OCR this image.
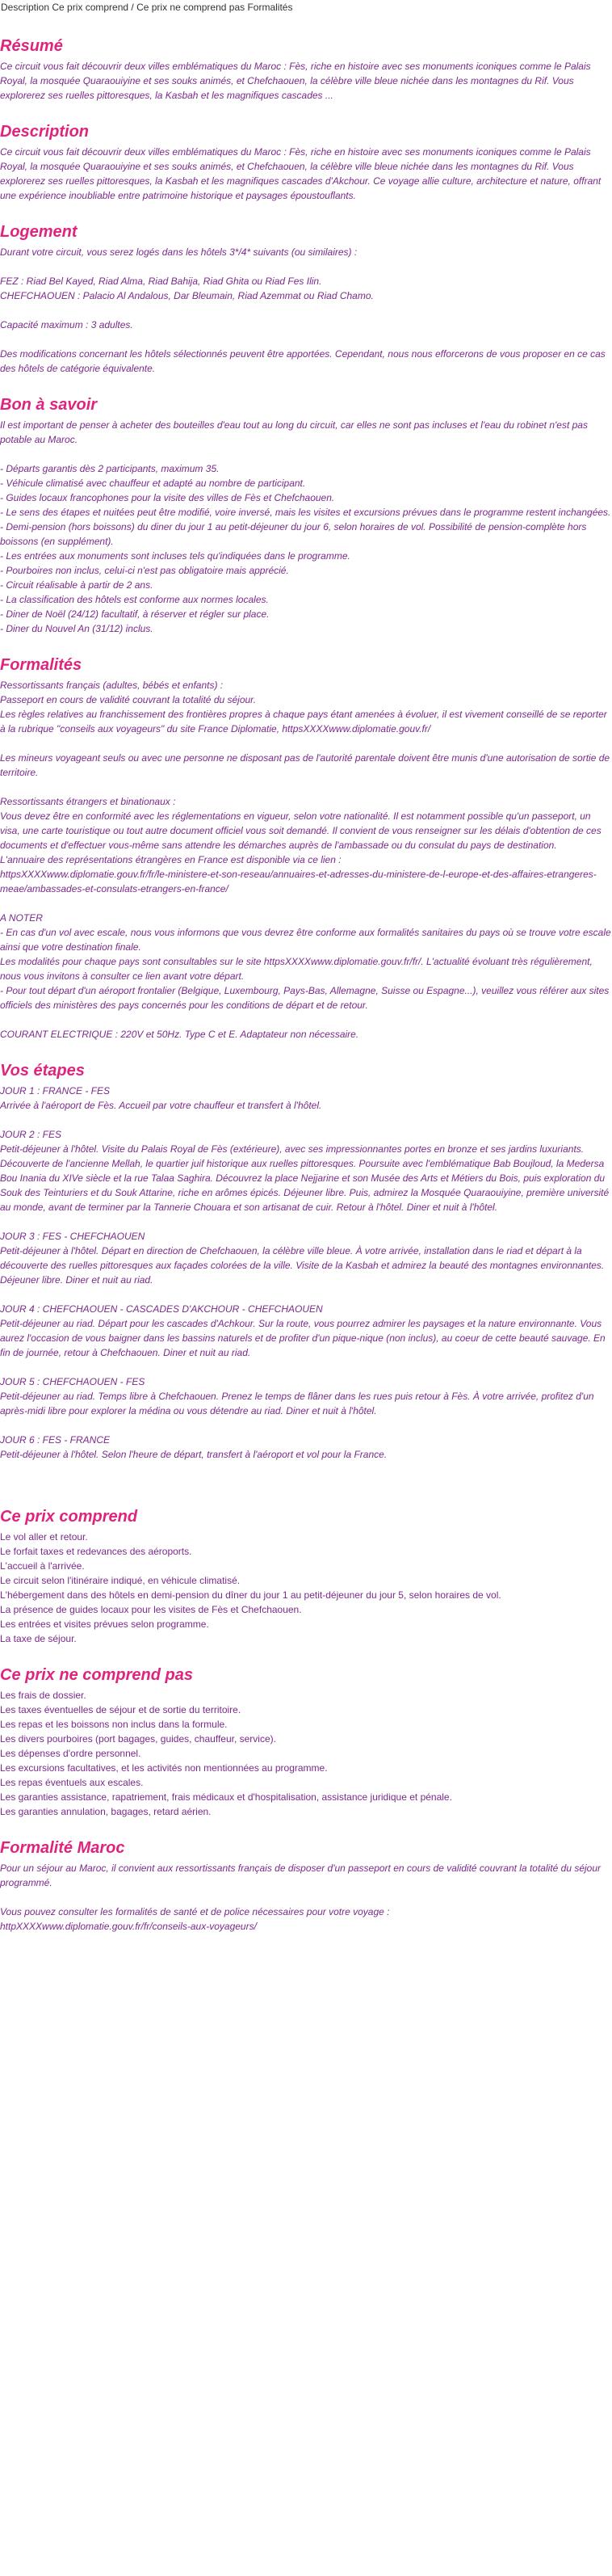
Description Ce prix comprend / Ce prix ne comprend pas Formalités
Résumé

Ce circuit vous fait découvrir deux villes emblématiques du Maroc : Fès, riche en histoire avec ses monuments iconiques comme le Palais Royal, la mosquée Quaraouiyine et ses souks animés, et Chefchaouen, la célèbre ville bleue nichée dans les montagnes du Rif. Vous explorerez ses ruelles pittoresques, la Kasbah et les magnifiques cascades ...

Description

Ce circuit vous fait découvrir deux villes emblématiques du Maroc : Fès, riche en histoire avec ses monuments iconiques comme le Palais Royal, la mosquée Quaraouiyine et ses souks animés, et Chefchaouen, la célèbre ville bleue nichée dans les montagnes du Rif. Vous explorerez ses ruelles pittoresques, la Kasbah et les magnifiques cascades d'Akchour. Ce voyage allie culture, architecture et nature, offrant une expérience inoubliable entre patrimoine historique et paysages époustouflants.

Logement

Durant votre circuit, vous serez logés dans les hôtels 3*/4* suivants (ou similaires) :

FEZ : Riad Bel Kayed, Riad Alma, Riad Bahija, Riad Ghita ou Riad Fes Ilin.
CHEFCHAOUEN : Palacio Al Andalous, Dar Bleumain, Riad Azemmat ou Riad Chamo.

Capacité maximum : 3 adultes.

Des modifications concernant les hôtels sélectionnés peuvent être apportées. Cependant, nous nous efforcerons de vous proposer en ce cas des hôtels de catégorie équivalente.

Bon à savoir

Il est important de penser à acheter des bouteilles d'eau tout au long du circuit, car elles ne sont pas incluses et l'eau du robinet n'est pas potable au Maroc.

- Départs garantis dès 2 participants, maximum 35.
- Véhicule climatisé avec chauffeur et adapté au nombre de participant.
- Guides locaux francophones pour la visite des villes de Fès et Chefchaouen.
- Le sens des étapes et nuitées peut être modifié, voire inversé, mais les visites et excursions prévues dans le programme restent inchangées.
- Demi-pension (hors boissons) du diner du jour 1 au petit-déjeuner du jour 6, selon horaires de vol. Possibilité de pension-complète hors boissons (en supplément).
- Les entrées aux monuments sont incluses tels qu'indiquées dans le programme.
- Pourboires non inclus, celui-ci n'est pas obligatoire mais apprécié.
- Circuit réalisable à partir de 2 ans.
- La classification des hôtels est conforme aux normes locales.
- Diner de Noël (24/12) facultatif, à réserver et régler sur place.
- Diner du Nouvel An (31/12) inclus.

Formalités

Ressortissants français (adultes, bébés et enfants) :
Passeport en cours de validité couvrant la totalité du séjour.
Les règles relatives au franchissement des frontières propres à chaque pays étant amenées à évoluer, il est vivement conseillé de se reporter à la rubrique "conseils aux voyageurs" du site France Diplomatie, httpsXXXXwww.diplomatie.gouv.fr/

Les mineurs voyageant seuls ou avec une personne ne disposant pas de l'autorité parentale doivent être munis d'une autorisation de sortie de territoire.

Ressortissants étrangers et binationaux :
Vous devez être en conformité avec les réglementations en vigueur, selon votre nationalité. Il est notamment possible qu'un passeport, un visa, une carte touristique ou tout autre document officiel vous soit demandé. Il convient de vous renseigner sur les délais d'obtention de ces documents et d'effectuer vous-même sans attendre les démarches auprès de l'ambassade ou du consulat du pays de destination.
L'annuaire des représentations étrangères en France est disponible via ce lien :
httpsXXXXwww.diplomatie.gouv.fr/fr/le-ministere-et-son-reseau/annuaires-et-adresses-du-ministere-de-l-europe-et-des-affaires-etrangeres-meae/ambassades-et-consulats-etrangers-en-france/

A NOTER
- En cas d'un vol avec escale, nous vous informons que vous devrez être conforme aux formalités sanitaires du pays où se trouve votre escale ainsi que votre destination finale.
Les modalités pour chaque pays sont consultables sur le site httpsXXXXwww.diplomatie.gouv.fr/fr/. L'actualité évoluant très régulièrement, nous vous invitons à consulter ce lien avant votre départ.
- Pour tout départ d'un aéroport frontalier (Belgique, Luxembourg, Pays-Bas, Allemagne, Suisse ou Espagne...), veuillez vous référer aux sites officiels des ministères des pays concernés pour les conditions de départ et de retour.

COURANT ELECTRIQUE : 220V et 50Hz. Type C et E. Adaptateur non nécessaire.

Vos étapes

JOUR 1 : FRANCE - FES
Arrivée à l'aéroport de Fès. Accueil par votre chauffeur et transfert à l'hôtel.

JOUR 2 : FES
Petit-déjeuner à l'hôtel. Visite du Palais Royal de Fès (extérieure), avec ses impressionnantes portes en bronze et ses jardins luxuriants. Découverte de l'ancienne Mellah, le quartier juif historique aux ruelles pittoresques. Poursuite avec l'emblématique Bab Boujloud, la Medersa Bou Inania du XIVe siècle et la rue Talaa Saghira. Découvrez la place Nejjarine et son Musée des Arts et Métiers du Bois, puis exploration du Souk des Teinturiers et du Souk Attarine, riche en arômes épicés. Déjeuner libre. Puis, admirez la Mosquée Quaraouiyine, première université au monde, avant de terminer par la Tannerie Chouara et son artisanat de cuir. Retour à l'hôtel. Diner et nuit à l'hôtel.

JOUR 3 : FES - CHEFCHAOUEN
Petit-déjeuner à l'hôtel. Départ en direction de Chefchaouen, la célèbre ville bleue. À votre arrivée, installation dans le riad et départ à la découverte des ruelles pittoresques aux façades colorées de la ville. Visite de la Kasbah et admirez la beauté des montagnes environnantes. Déjeuner libre. Diner et nuit au riad.

JOUR 4 : CHEFCHAOUEN - CASCADES D'AKCHOUR - CHEFCHAOUEN
Petit-déjeuner au riad. Départ pour les cascades d'Achkour. Sur la route, vous pourrez admirer les paysages et la nature environnante. Vous aurez l'occasion de vous baigner dans les bassins naturels et de profiter d'un pique-nique (non inclus), au coeur de cette beauté sauvage. En fin de journée, retour à Chefchaouen. Diner et nuit au riad.

JOUR 5 : CHEFCHAOUEN - FES
Petit-déjeuner au riad. Temps libre à Chefchaouen. Prenez le temps de flâner dans les rues puis retour à Fès. À votre arrivée, profitez d'un après-midi libre pour explorer la médina ou vous détendre au riad. Diner et nuit à l'hôtel.

JOUR 6 : FES - FRANCE
Petit-déjeuner à l'hôtel. Selon l'heure de départ, transfert à l'aéroport et vol pour la France.

Ce prix comprend

Le vol aller et retour.
Le forfait taxes et redevances des aéroports.
L'accueil à l'arrivée.
Le circuit selon l'itinéraire indiqué, en véhicule climatisé.
L'hébergement dans des hôtels en demi-pension du dîner du jour 1 au petit-déjeuner du jour 5, selon horaires de vol.
La présence de guides locaux pour les visites de Fès et Chefchaouen.
Les entrées et visites prévues selon programme.
La taxe de séjour.

Ce prix ne comprend pas

Les frais de dossier.
Les taxes éventuelles de séjour et de sortie du territoire.
Les repas et les boissons non inclus dans la formule.
Les divers pourboires (port bagages, guides, chauffeur, service).
Les dépenses d'ordre personnel.
Les excursions facultatives, et les activités non mentionnées au programme.
Les repas éventuels aux escales.
Les garanties assistance, rapatriement, frais médicaux et d'hospitalisation, assistance juridique et pénale.
Les garanties annulation, bagages, retard aérien.

Formalité Maroc

Pour un séjour au Maroc, il convient aux ressortissants français de disposer d'un passeport en cours de validité couvrant la totalité du séjour programmé.

Vous pouvez consulter les formalités de santé et de police nécessaires pour votre voyage :
httpXXXXwww.diplomatie.gouv.fr/fr/conseils-aux-voyageurs/
